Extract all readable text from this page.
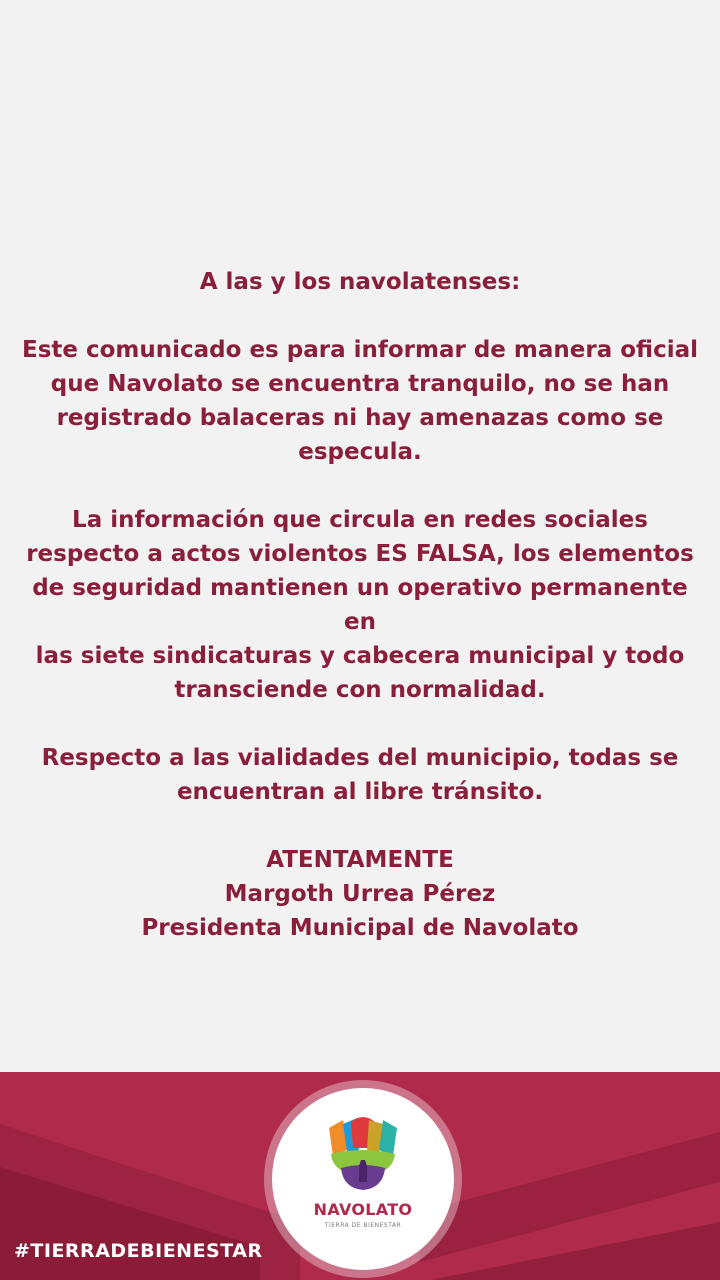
A las y los navolatenses:

Este comunicado es para informar de manera oficial
que Navolato se encuentra tranquilo, no se han
registrado balaceras ni hay amenazas como se
especula.

La información que circula en redes sociales
respecto a actos violentos ES FALSA, los elementos
de seguridad mantienen un operativo permanente en
las siete sindicaturas y cabecera municipal y todo
transciende con normalidad.

Respecto a las vialidades del municipio, todas se
encuentran al libre tránsito.

ATENTAMENTE
Margoth Urrea Pérez
Presidenta Municipal de Navolato

NAVOLATO
TIERRA DE BIENESTAR
#TIERRADEBIENESTAR
